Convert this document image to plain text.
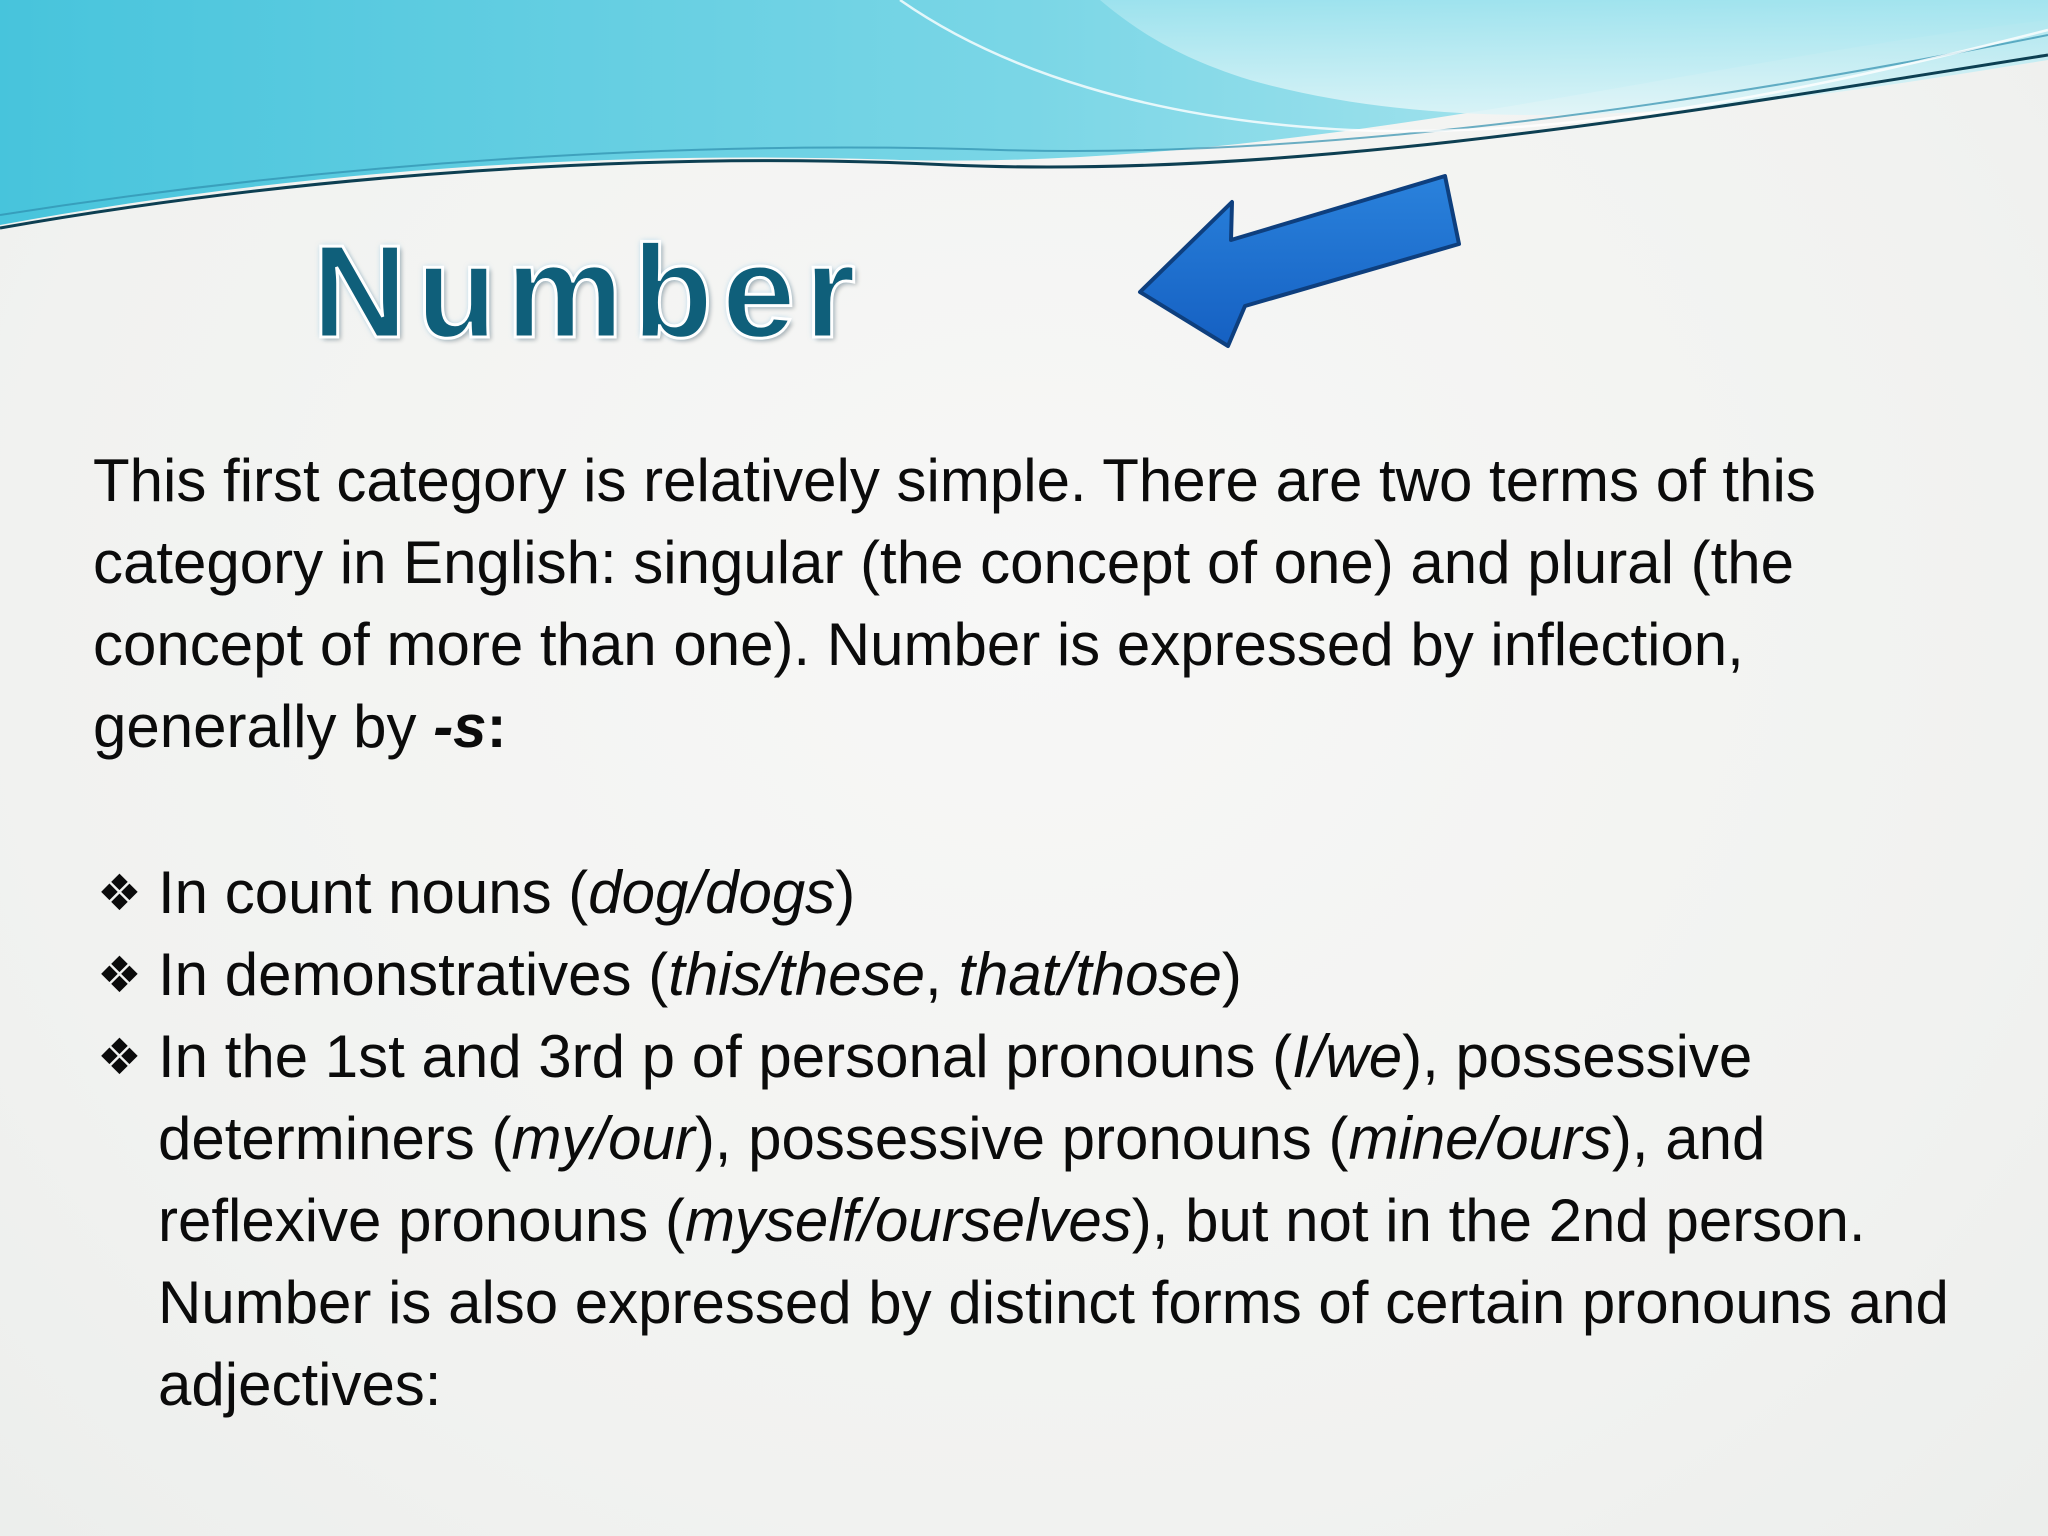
Number

This first category is relatively simple. There are two terms of this category in English: singular (the concept of one) and plural (the concept of more than one). Number is expressed by inflection, generally by -s:

❖ In count nouns (dog/dogs)
❖ In demonstratives (this/these, that/those)
❖ In the 1st and 3rd p of personal pronouns (I/we), possessive determiners (my/our), possessive pronouns (mine/ours), and reflexive pronouns (myself/ourselves), but not in the 2nd person. Number is also expressed by distinct forms of certain pronouns and adjectives:
